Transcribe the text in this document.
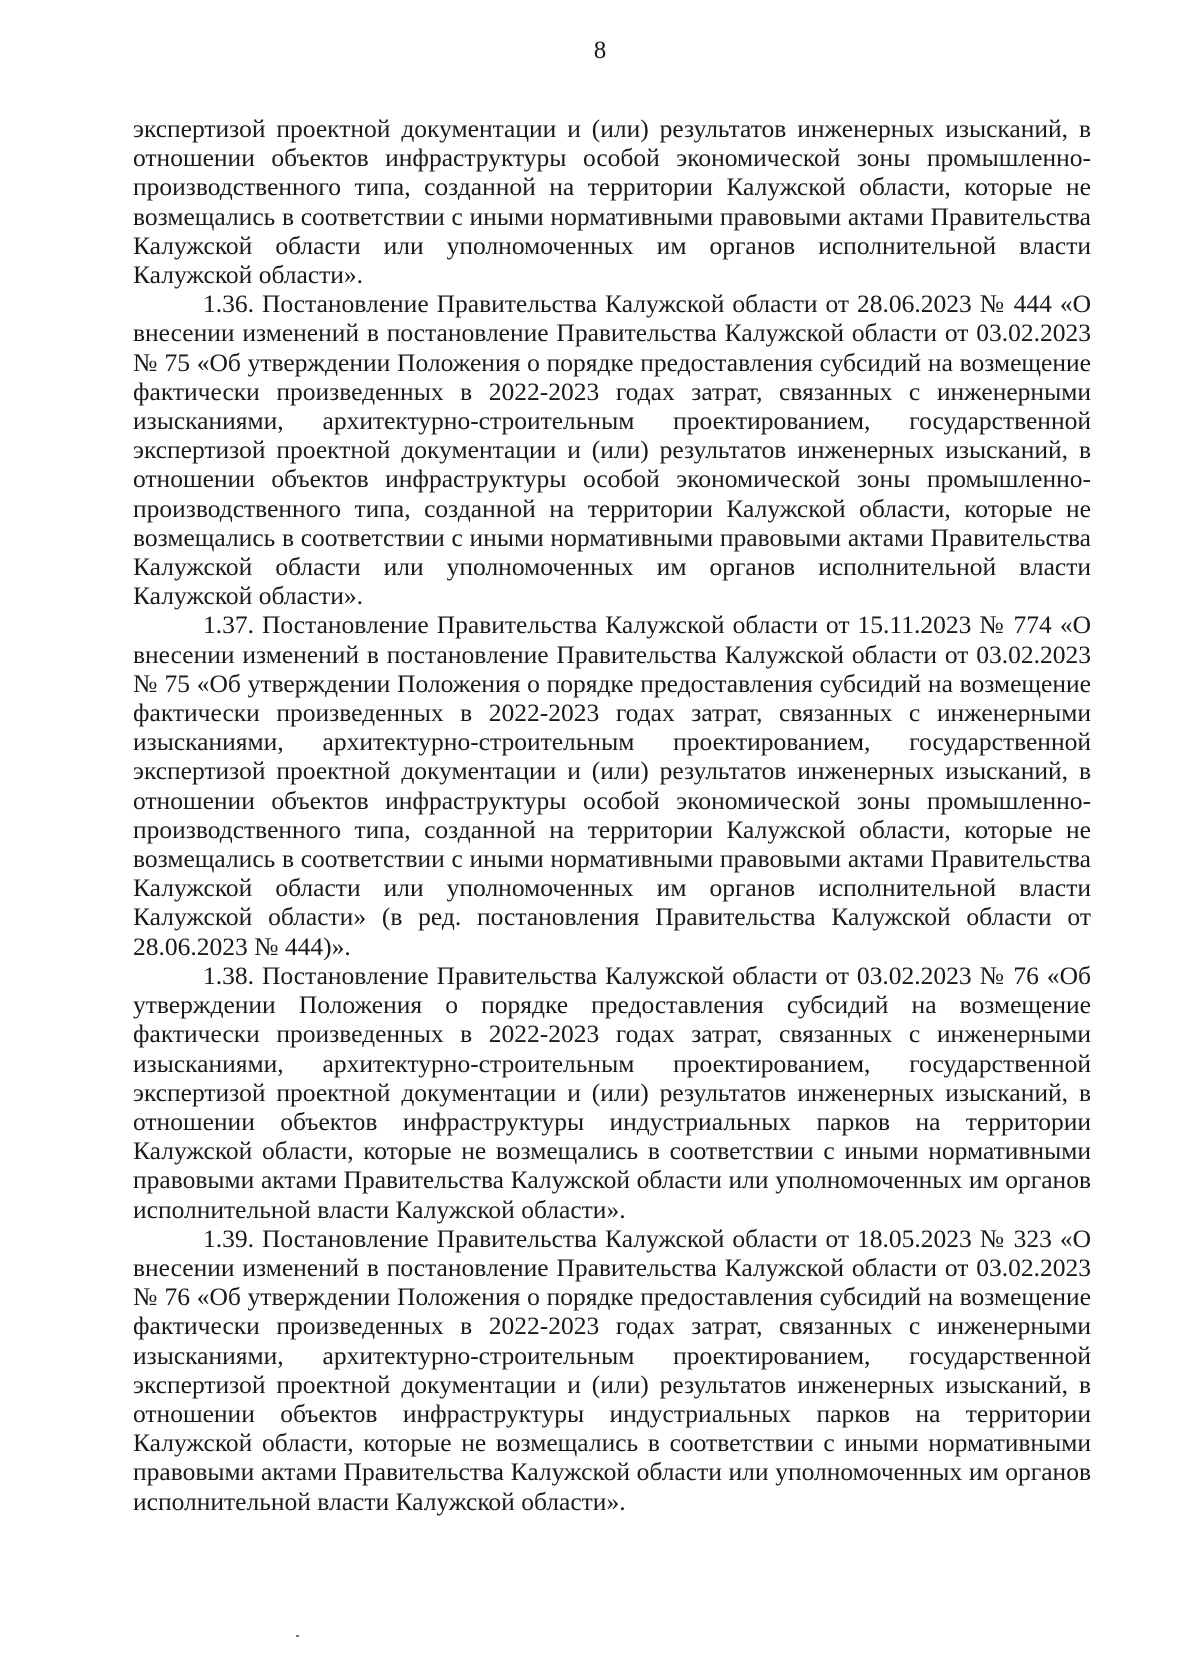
8

экспертизой проектной документации и (или) результатов инженерных изысканий, в отношении объектов инфраструктуры особой экономической зоны промышленно-производственного типа, созданной на территории Калужской области, которые не возмещались в соответствии с иными нормативными правовыми актами Правительства Калужской области или уполномоченных им органов исполнительной власти Калужской области».

1.36. Постановление Правительства Калужской области от 28.06.2023 № 444 «О внесении изменений в постановление Правительства Калужской области от 03.02.2023 № 75 «Об утверждении Положения о порядке предоставления субсидий на возмещение фактически произведенных в 2022-2023 годах затрат, связанных с инженерными изысканиями, архитектурно-строительным проектированием, государственной экспертизой проектной документации и (или) результатов инженерных изысканий, в отношении объектов инфраструктуры особой экономической зоны промышленно-производственного типа, созданной на территории Калужской области, которые не возмещались в соответствии с иными нормативными правовыми актами Правительства Калужской области или уполномоченных им органов исполнительной власти Калужской области».

1.37. Постановление Правительства Калужской области от 15.11.2023 № 774 «О внесении изменений в постановление Правительства Калужской области от 03.02.2023 № 75 «Об утверждении Положения о порядке предоставления субсидий на возмещение фактически произведенных в 2022-2023 годах затрат, связанных с инженерными изысканиями, архитектурно-строительным проектированием, государственной экспертизой проектной документации и (или) результатов инженерных изысканий, в отношении объектов инфраструктуры особой экономической зоны промышленно-производственного типа, созданной на территории Калужской области, которые не возмещались в соответствии с иными нормативными правовыми актами Правительства Калужской области или уполномоченных им органов исполнительной власти Калужской области» (в ред. постановления Правительства Калужской области от 28.06.2023 № 444)».

1.38. Постановление Правительства Калужской области от 03.02.2023 № 76 «Об утверждении Положения о порядке предоставления субсидий на возмещение фактически произведенных в 2022-2023 годах затрат, связанных с инженерными изысканиями, архитектурно-строительным проектированием, государственной экспертизой проектной документации и (или) результатов инженерных изысканий, в отношении объектов инфраструктуры индустриальных парков на территории Калужской области, которые не возмещались в соответствии с иными нормативными правовыми актами Правительства Калужской области или уполномоченных им органов исполнительной власти Калужской области».

1.39. Постановление Правительства Калужской области от 18.05.2023 № 323 «О внесении изменений в постановление Правительства Калужской области от 03.02.2023 № 76 «Об утверждении Положения о порядке предоставления субсидий на возмещение фактически произведенных в 2022-2023 годах затрат, связанных с инженерными изысканиями, архитектурно-строительным проектированием, государственной экспертизой проектной документации и (или) результатов инженерных изысканий, в отношении объектов инфраструктуры индустриальных парков на территории Калужской области, которые не возмещались в соответствии с иными нормативными правовыми актами Правительства Калужской области или уполномоченных им органов исполнительной власти Калужской области».
